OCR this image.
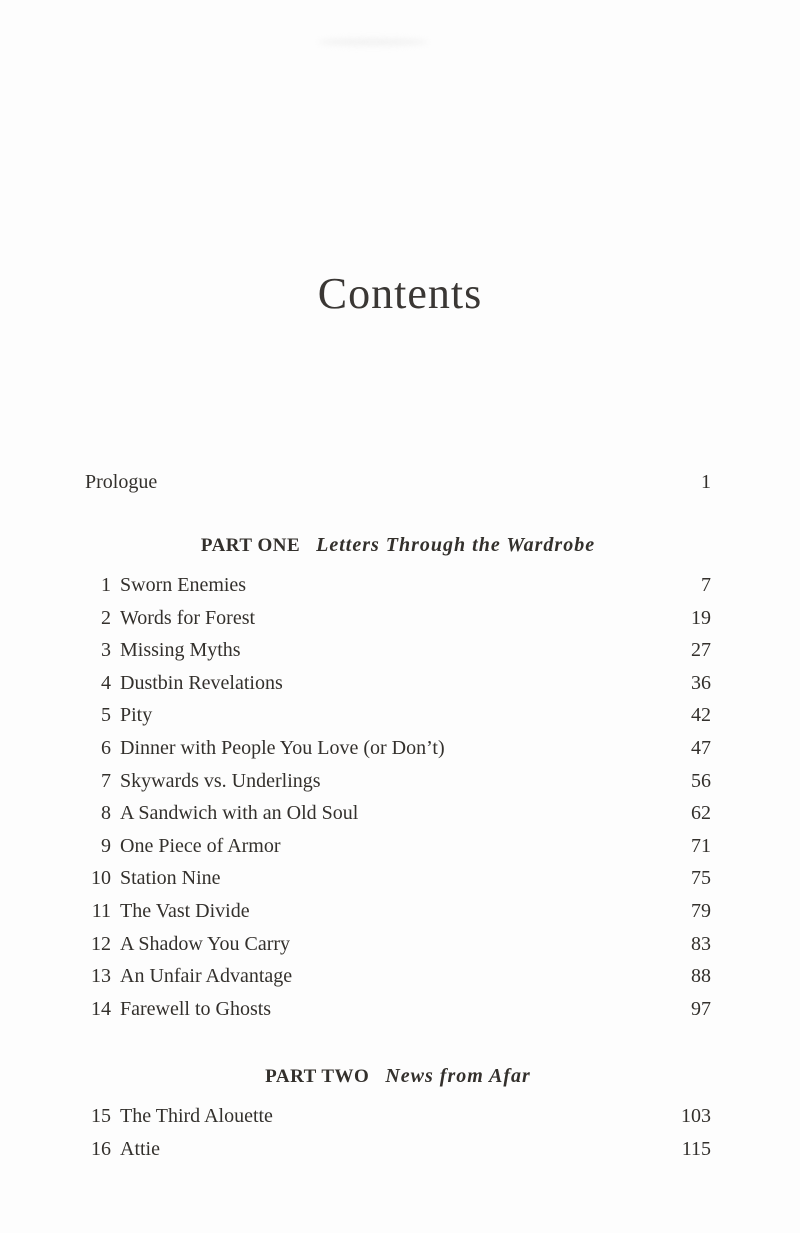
Contents
Prologue	1
PART ONE Letters Through the Wardrobe
1 Sworn Enemies	7
2 Words for Forest	19
3 Missing Myths	27
4 Dustbin Revelations	36
5 Pity	42
6 Dinner with People You Love (or Don’t)	47
7 Skywards vs. Underlings	56
8 A Sandwich with an Old Soul	62
9 One Piece of Armor	71
10 Station Nine	75
11 The Vast Divide	79
12 A Shadow You Carry	83
13 An Unfair Advantage	88
14 Farewell to Ghosts	97
PART TWO News from Afar
15 The Third Alouette	103
16 Attie	115
